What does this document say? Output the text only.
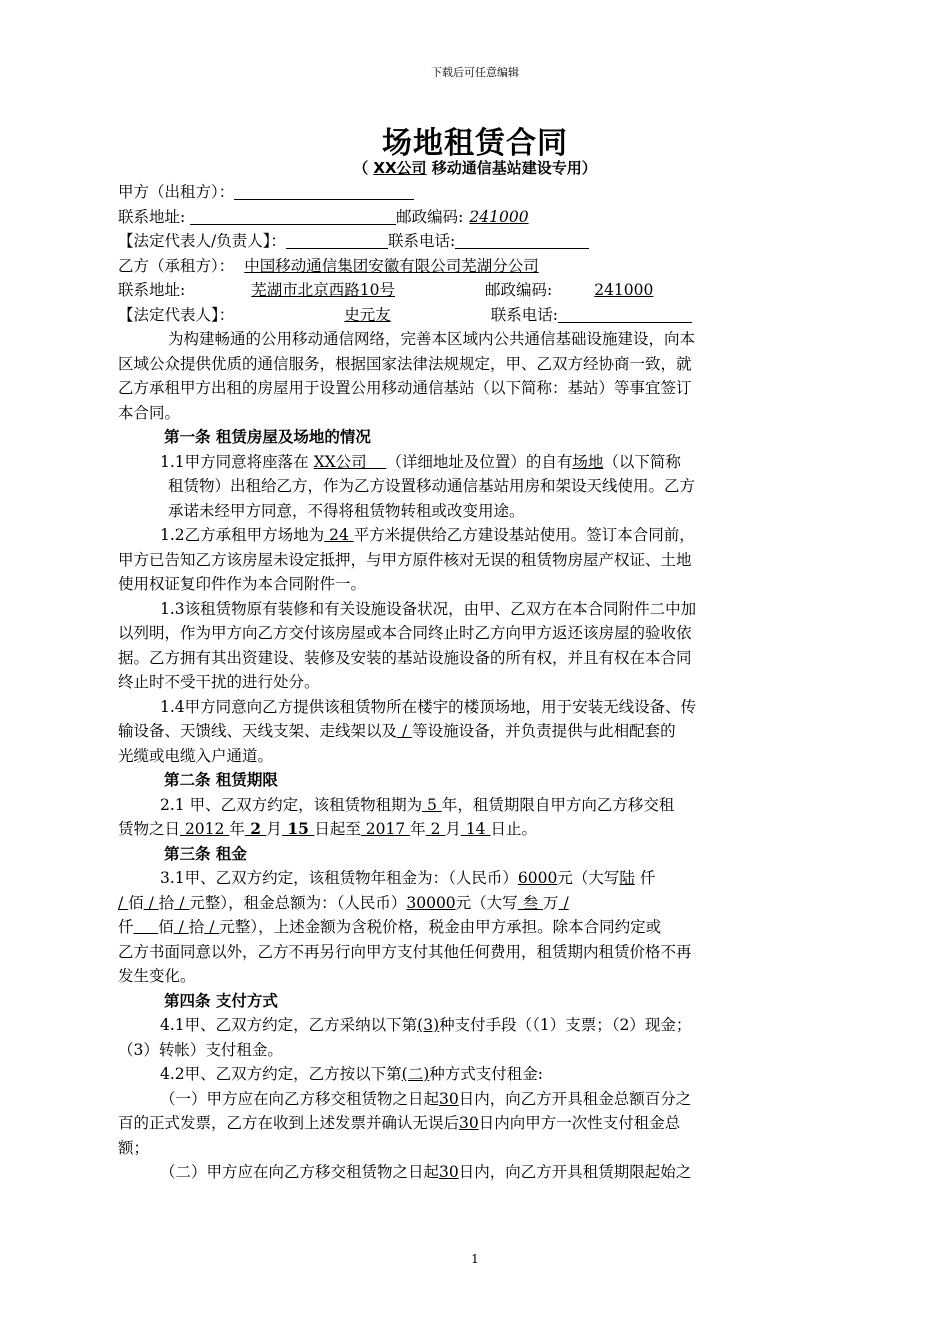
下载后可任意编辑
场地租赁合同
（ XX公司 移动通信基站建设专用）
甲方（出租方）：
联系地址:	邮政编码: 241000
【法定代表人/负责人】：	联系电话:
乙方（承租方）： 中国移动通信集团安徽有限公司芜湖分公司
联系地址:	芜湖市北京西路10号	邮政编码:	241000
【法定代表人】：	史元友	联系电话:
为构建畅通的公用移动通信网络，完善本区域内公共通信基础设施建设，向本
区域公众提供优质的通信服务，根据国家法律法规规定，甲、乙双方经协商一致，就
乙方承租甲方出租的房屋用于设置公用移动通信基站（以下简称：基站）等事宜签订
本合同。
第一条 租赁房屋及场地的情况
1.1甲方同意将座落在 XX公司    （详细地址及位置）的自有场地（以下简称
租赁物）出租给乙方，作为乙方设置移动通信基站用房和架设天线使用。乙方
承诺未经甲方同意，不得将租赁物转租或改变用途。
1.2乙方承租甲方场地为 24 平方米提供给乙方建设基站使用。签订本合同前，
甲方已告知乙方该房屋未设定抵押，与甲方原件核对无误的租赁物房屋产权证、土地
使用权证复印件作为本合同附件一。
1.3该租赁物原有装修和有关设施设备状况，由甲、乙双方在本合同附件二中加
以列明，作为甲方向乙方交付该房屋或本合同终止时乙方向甲方返还该房屋的验收依
据。乙方拥有其出资建设、装修及安装的基站设施设备的所有权，并且有权在本合同
终止时不受干扰的进行处分。
1.4甲方同意向乙方提供该租赁物所在楼宇的楼顶场地，用于安装无线设备、传
输设备、天馈线、天线支架、走线架以及 / 等设施设备，并负责提供与此相配套的
光缆或电缆入户通道。
第二条 租赁期限
2.1 甲、乙双方约定，该租赁物租期为 5 年，租赁期限自甲方向乙方移交租
赁物之日 2012 年 2 月 15 日起至 2017 年 2 月 14 日止。
第三条 租金
3.1甲、乙双方约定，该租赁物年租金为：（人民币）6000元（大写陆 仟
/ 佰 / 拾 / 元整），租金总额为：（人民币）30000元（大写 叁 万 /
仟 佰 / 拾 / 元整），上述金额为含税价格，税金由甲方承担。除本合同约定或
乙方书面同意以外，乙方不再另行向甲方支付其他任何费用，租赁期内租赁价格不再
发生变化。
第四条 支付方式
4.1甲、乙双方约定，乙方采纳以下第(3)种支付手段（（1）支票；（2）现金；
（3）转帐）支付租金。
4.2甲、乙双方约定，乙方按以下第(二)种方式支付租金:
（一）甲方应在向乙方移交租赁物之日起30日内，向乙方开具租金总额百分之
百的正式发票，乙方在收到上述发票并确认无误后30日内向甲方一次性支付租金总
额；
（二）甲方应在向乙方移交租赁物之日起30日内，向乙方开具租赁期限起始之
1
